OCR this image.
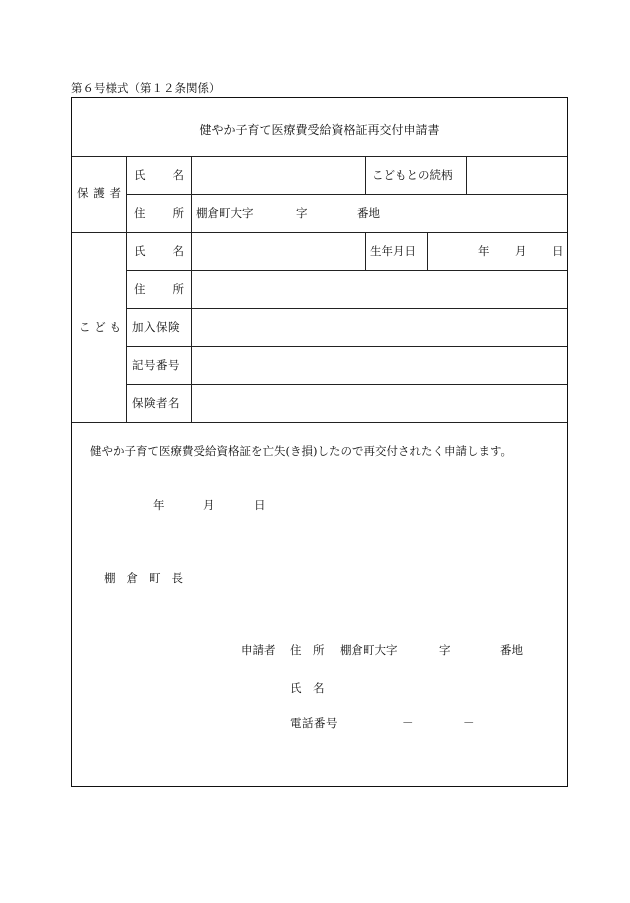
第６号様式（第１２条関係）
健やか子育て医療費受給資格証再交付申請書
保 護 者
氏 名	こどもとの続柄
住 所 棚倉町大字	字	番地
こ ど も
氏 名	生年月日	年 月 日
住 所
加入保険
記号番号
保険者名
健やか子育て医療費受給資格証を亡失(き損)したので再交付されたく申請します。
年	月	日
棚倉町長
申請者 住　所 棚倉町大字	字	番地
氏　名
電話番号	－	－
